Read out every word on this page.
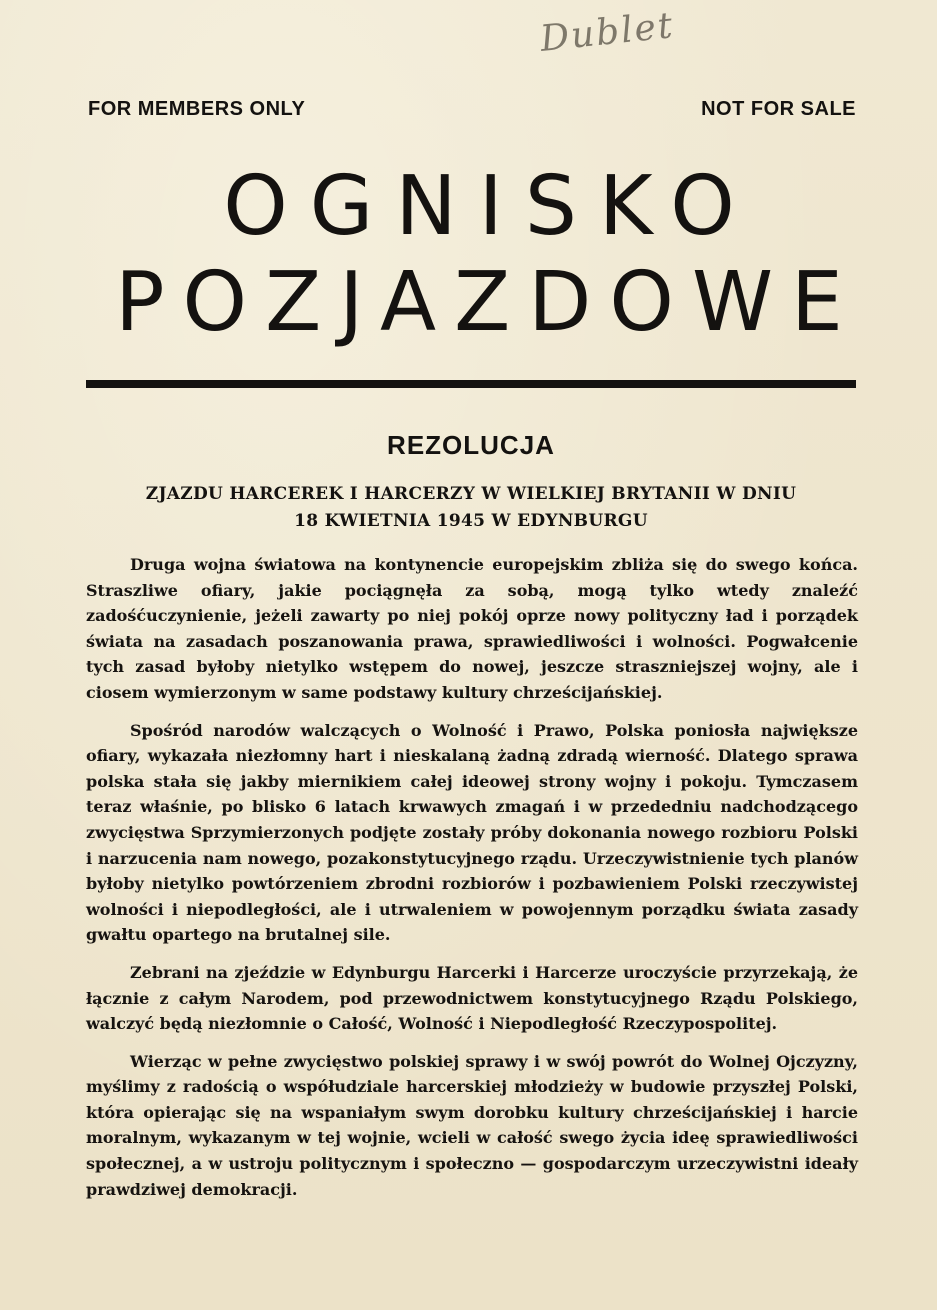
Dublet
FOR MEMBERS ONLY	NOT FOR SALE
OGNISKO
POZJAZDOWE
REZOLUCJA
ZJAZDU HARCEREK I HARCERZY W WIELKIEJ BRYTANII W DNIU
18 KWIETNIA 1945 W EDYNBURGU

Druga wojna światowa na kontynencie europejskim zbliża się do swego końca. Straszliwe ofiary, jakie pociągnęła za sobą, mogą tylko wtedy znaleźć zadośćuczynienie, jeżeli zawarty po niej pokój oprze nowy polityczny ład i porządek świata na zasadach poszanowania prawa, sprawiedliwości i wolności. Pogwałcenie tych zasad byłoby nietylko wstępem do nowej, jeszcze straszniejszej wojny, ale i ciosem wymierzonym w same podstawy kultury chrześcijańskiej.

Spośród narodów walczących o Wolność i Prawo, Polska poniosła największe ofiary, wykazała niezłomny hart i nieskalaną żadną zdradą wierność. Dlatego sprawa polska stała się jakby miernikiem całej ideowej strony wojny i pokoju. Tymczasem teraz właśnie, po blisko 6 latach krwawych zmagań i w przededniu nadchodzącego zwycięstwa Sprzymierzonych podjęte zostały próby dokonania nowego rozbioru Polski i narzucenia nam nowego, pozakonstytucyjnego rządu. Urzeczywistnienie tych planów byłoby nietylko powtórzeniem zbrodni rozbiorów i pozbawieniem Polski rzeczywistej wolności i niepodległości, ale i utrwaleniem w powojennym porządku świata zasady gwałtu opartego na brutalnej sile.

Zebrani na zjeździe w Edynburgu Harcerki i Harcerze uroczyście przyrzekają, że łącznie z całym Narodem, pod przewodnictwem konstytucyjnego Rządu Polskiego, walczyć będą niezłomnie o Całość, Wolność i Niepodległość Rzeczypospolitej.

Wierząc w pełne zwycięstwo polskiej sprawy i w swój powrót do Wolnej Ojczyzny, myślimy z radością o współudziale harcerskiej młodzieży w budowie przyszłej Polski, która opierając się na wspaniałym swym dorobku kultury chrześcijańskiej i harcie moralnym, wykazanym w tej wojnie, wcieli w całość swego życia ideę sprawiedliwości społecznej, a w ustroju politycznym i społeczno — gospodarczym urzeczywistni ideały prawdziwej demokracji.
